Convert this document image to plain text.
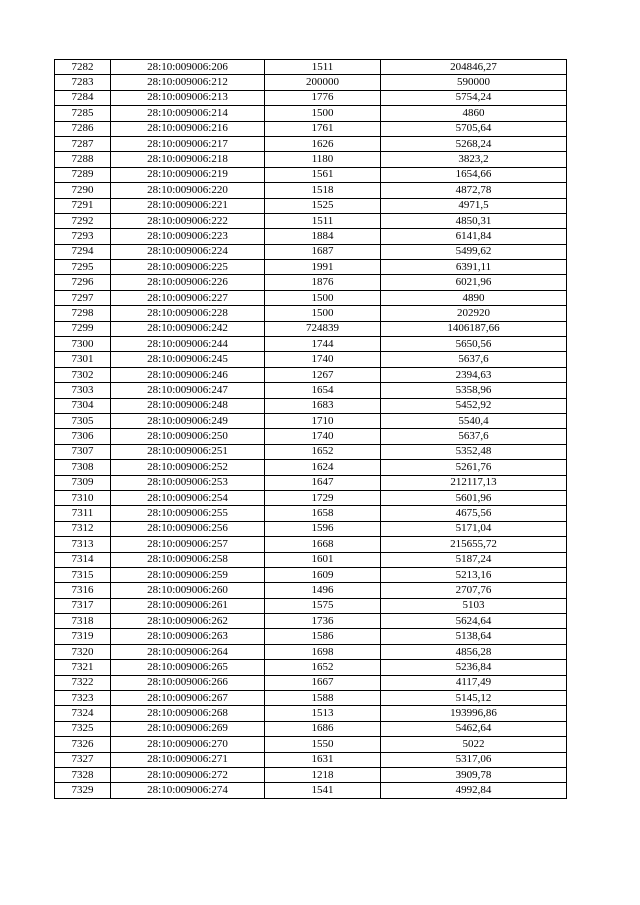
7282	28:10:009006:206	1511	204846,27
7283	28:10:009006:212	200000	590000
7284	28:10:009006:213	1776	5754,24
7285	28:10:009006:214	1500	4860
7286	28:10:009006:216	1761	5705,64
7287	28:10:009006:217	1626	5268,24
7288	28:10:009006:218	1180	3823,2
7289	28:10:009006:219	1561	1654,66
7290	28:10:009006:220	1518	4872,78
7291	28:10:009006:221	1525	4971,5
7292	28:10:009006:222	1511	4850,31
7293	28:10:009006:223	1884	6141,84
7294	28:10:009006:224	1687	5499,62
7295	28:10:009006:225	1991	6391,11
7296	28:10:009006:226	1876	6021,96
7297	28:10:009006:227	1500	4890
7298	28:10:009006:228	1500	202920
7299	28:10:009006:242	724839	1406187,66
7300	28:10:009006:244	1744	5650,56
7301	28:10:009006:245	1740	5637,6
7302	28:10:009006:246	1267	2394,63
7303	28:10:009006:247	1654	5358,96
7304	28:10:009006:248	1683	5452,92
7305	28:10:009006:249	1710	5540,4
7306	28:10:009006:250	1740	5637,6
7307	28:10:009006:251	1652	5352,48
7308	28:10:009006:252	1624	5261,76
7309	28:10:009006:253	1647	212117,13
7310	28:10:009006:254	1729	5601,96
7311	28:10:009006:255	1658	4675,56
7312	28:10:009006:256	1596	5171,04
7313	28:10:009006:257	1668	215655,72
7314	28:10:009006:258	1601	5187,24
7315	28:10:009006:259	1609	5213,16
7316	28:10:009006:260	1496	2707,76
7317	28:10:009006:261	1575	5103
7318	28:10:009006:262	1736	5624,64
7319	28:10:009006:263	1586	5138,64
7320	28:10:009006:264	1698	4856,28
7321	28:10:009006:265	1652	5236,84
7322	28:10:009006:266	1667	4117,49
7323	28:10:009006:267	1588	5145,12
7324	28:10:009006:268	1513	193996,86
7325	28:10:009006:269	1686	5462,64
7326	28:10:009006:270	1550	5022
7327	28:10:009006:271	1631	5317,06
7328	28:10:009006:272	1218	3909,78
7329	28:10:009006:274	1541	4992,84
